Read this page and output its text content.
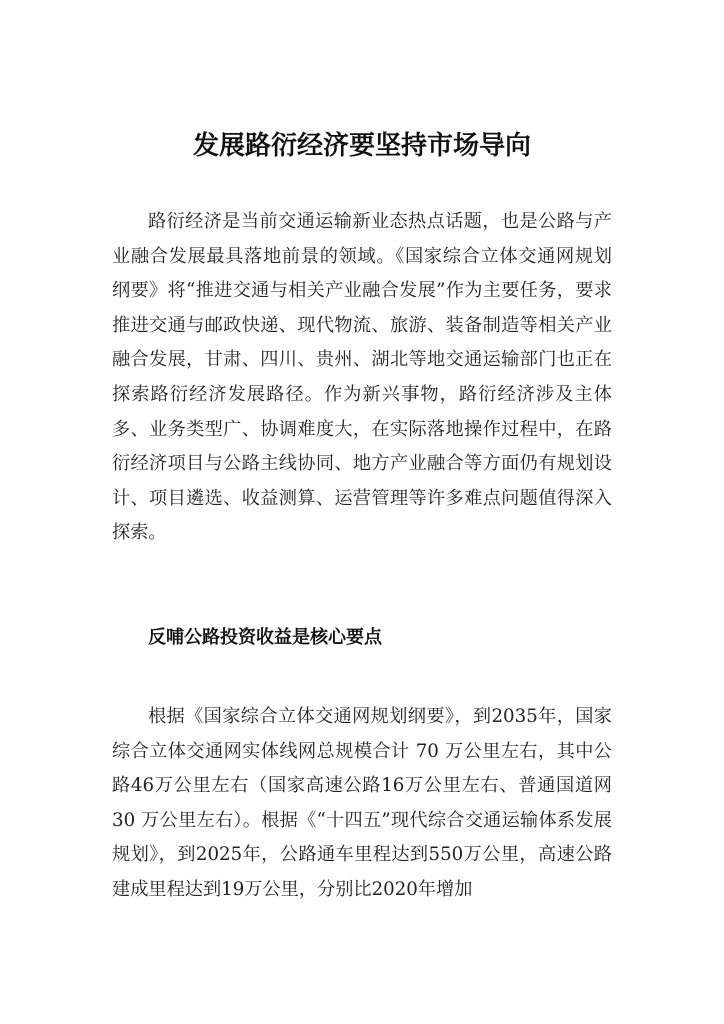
发展路衍经济要坚持市场导向

路衍经济是当前交通运输新业态热点话题，也是公路与产业融合发展最具落地前景的领域。《国家综合立体交通网规划纲要》将“推进交通与相关产业融合发展”作为主要任务，要求推进交通与邮政快递、现代物流、旅游、装备制造等相关产业融合发展，甘肃、四川、贵州、湖北等地交通运输部门也正在探索路衍经济发展路径。作为新兴事物，路衍经济涉及主体多、业务类型广、协调难度大，在实际落地操作过程中，在路衍经济项目与公路主线协同、地方产业融合等方面仍有规划设计、项目遴选、收益测算、运营管理等许多难点问题值得深入探索。

反哺公路投资收益是核心要点

根据《国家综合立体交通网规划纲要》，到2035年，国家综合立体交通网实体线网总规模合计 70 万公里左右，其中公路46万公里左右（国家高速公路16万公里左右、普通国道网 30 万公里左右）。根据《“十四五”现代综合交通运输体系发展规划》，到2025年，公路通车里程达到550万公里，高速公路建成里程达到19万公里，分别比2020年增加
